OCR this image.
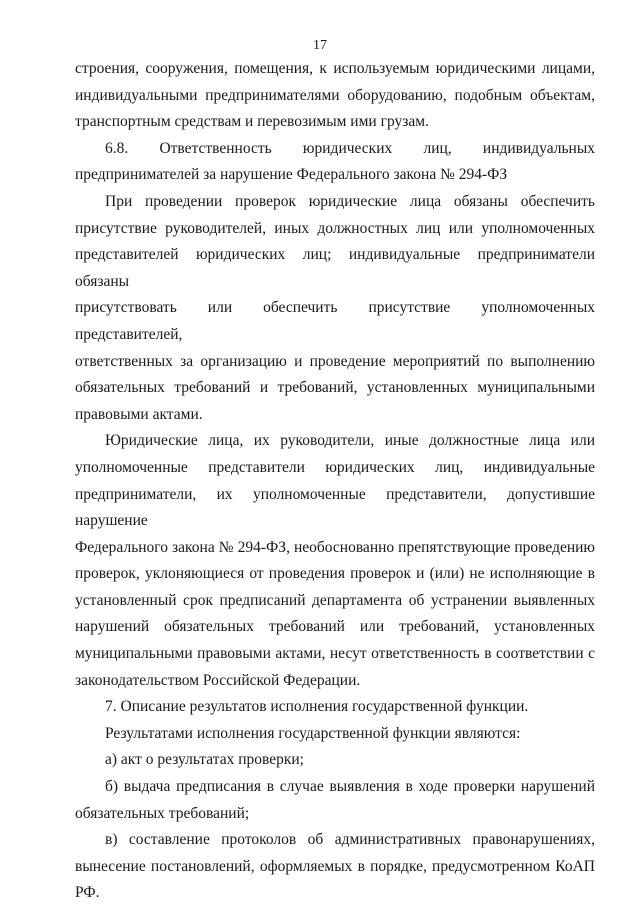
17
строения, сооружения, помещения, к используемым юридическими лицами,
индивидуальными предпринимателями оборудованию, подобным объектам,
транспортным средствам и перевозимым ими грузам.
6.8. Ответственность юридических лиц, индивидуальных
предпринимателей за нарушение Федерального закона № 294-ФЗ
При проведении проверок юридические лица обязаны обеспечить
присутствие руководителей, иных должностных лиц или уполномоченных
представителей юридических лиц; индивидуальные предприниматели обязаны
присутствовать или обеспечить присутствие уполномоченных представителей,
ответственных за организацию и проведение мероприятий по выполнению
обязательных требований и требований, установленных муниципальными
правовыми актами.
Юридические лица, их руководители, иные должностные лица или
уполномоченные представители юридических лиц, индивидуальные
предприниматели, их уполномоченные представители, допустившие нарушение
Федерального закона № 294-ФЗ, необоснованно препятствующие проведению
проверок, уклоняющиеся от проведения проверок и (или) не исполняющие в
установленный срок предписаний департамента об устранении выявленных
нарушений обязательных требований или требований, установленных
муниципальными правовыми актами, несут ответственность в соответствии с
законодательством Российской Федерации.
7. Описание результатов исполнения государственной функции.
Результатами исполнения государственной функции являются:
а) акт о результатах проверки;
б) выдача предписания в случае выявления в ходе проверки нарушений
обязательных требований;
в) составление протоколов об административных правонарушениях,
вынесение постановлений, оформляемых в порядке, предусмотренном КоАП
РФ.
